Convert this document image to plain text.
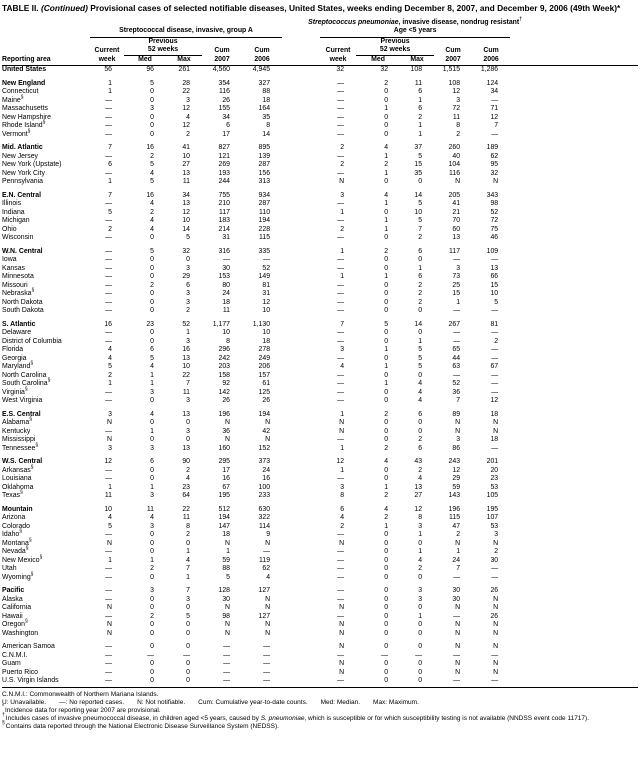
TABLE II. (Continued) Provisional cases of selected notifiable diseases, United States, weeks ending December 8, 2007, and December 9, 2006 (49th Week)*

	Streptococcal disease, invasive, group A						Streptococcus pneumoniae, invasive disease, nondrug resistant†
Age <5 years					

	Current	
Previous
52 weeks	Cum	Cum		Current	
Previous
52 weeks	Cum	Cum	
Reporting area	week	Med	Max	2007	2006		week	Med	Max	2007	2006	
United States	56	96	261	4,560	4,945		32	32	108	1,515	1,286	
New England	1	5	28	354	327		—	2	11	108	124	
Connecticut	1	0	22	116	88		—	0	6	12	34	
Maine§	—	0	3	26	18		—	0	1	3	—	
Massachusetts	—	3	12	155	164		—	1	6	72	71	
New Hampshire	—	0	4	34	35		—	0	2	11	12	
Rhode Island§	—	0	12	6	8		—	0	1	8	7	
Vermont§	—	0	2	17	14		—	0	1	2	—	
Mid. Atlantic	7	16	41	827	895		2	4	37	260	189	
New Jersey	—	2	10	121	139		—	1	5	40	62	
New York (Upstate)	6	5	27	269	287		2	2	15	104	95	
New York City	—	4	13	193	156		—	1	35	116	32	
Pennsylvania	1	5	11	244	313		N	0	0	N	N	
E.N. Central	7	16	34	755	934		3	4	14	205	343	
Illinois	—	4	13	210	287		—	1	5	41	98	
Indiana	5	2	12	117	110		1	0	10	21	52	
Michigan	—	4	10	183	194		—	1	5	70	72	
Ohio	2	4	14	214	228		2	1	7	60	75	
Wisconsin	—	0	5	31	115		—	0	2	13	46	
W.N. Central	—	5	32	316	335		1	2	6	117	109	
Iowa	—	0	0	—	—		—	0	0	—	—	
Kansas	—	0	3	30	52		—	0	1	3	13	
Minnesota	—	0	29	153	149		1	1	6	73	66	
Missouri	—	2	6	80	81		—	0	2	25	15	
Nebraska§	—	0	3	24	31		—	0	2	15	10	
North Dakota	—	0	3	18	12		—	0	2	1	5	
South Dakota	—	0	2	11	10		—	0	0	—	—	
S. Atlantic	16	23	52	1,177	1,130		7	5	14	267	81	
Delaware	—	0	1	10	10		—	0	0	—	—	
District of Columbia	—	0	3	8	18		—	0	1	—	2	
Florida	4	6	16	296	278		3	1	5	65	—	
Georgia	4	5	13	242	249		—	0	5	44	—	
Maryland§	5	4	10	203	206		4	1	5	63	67	
North Carolina	2	1	22	158	157		—	0	0	—	—	
South Carolina§	1	1	7	92	61		—	1	4	52	—	
Virginia§	—	3	11	142	125		—	0	4	36	—	
West Virginia	—	0	3	26	26		—	0	4	7	12	
E.S. Central	3	4	13	196	194		1	2	6	89	18	
Alabama§	N	0	0	N	N		N	0	0	N	N	
Kentucky	—	1	3	36	42		N	0	0	N	N	
Mississippi	N	0	0	N	N		—	0	2	3	18	
Tennessee§	3	3	13	160	152		1	2	6	86	—	
W.S. Central	12	6	90	295	373		12	4	43	243	201	
Arkansas§	—	0	2	17	24		1	0	2	12	20	
Louisiana	—	0	4	16	16		—	0	4	29	23	
Oklahoma	1	1	23	67	100		3	1	13	59	53	
Texas§	11	3	64	195	233		8	2	27	143	105	
Mountain	10	11	22	512	630		6	4	12	196	195	
Arizona	4	4	11	194	322		4	2	8	115	107	
Colorado	5	3	8	147	114		2	1	3	47	53	
Idaho§	—	0	2	18	9		—	0	1	2	3	
Montana§	N	0	0	N	N		N	0	0	N	N	
Nevada§	—	0	1	1	—		—	0	1	1	2	
New Mexico§	1	1	4	59	119		—	0	4	24	30	
Utah	—	2	7	88	62		—	0	2	7	—	
Wyoming§	—	0	1	5	4		—	0	0	—	—	
Pacific	—	3	7	128	127		—	0	3	30	26	
Alaska	—	0	3	30	N		—	0	3	30	N	
California	N	0	0	N	N		N	0	0	N	N	
Hawaii	—	2	5	98	127		—	0	1	—	26	
Oregon§	N	0	0	N	N		N	0	0	N	N	
Washington	N	0	0	N	N		N	0	0	N	N	
American Samoa	—	0	0	—	—		N	0	0	N	N	
C.N.M.I.	—	—	—	—	—		—	—	—	—	—	
Guam	—	0	0	—	—		N	0	0	N	N	
Puerto Rico	—	0	0	—	—		N	0	0	N	N	
U.S. Virgin Islands	—	0	0	—	—		—	0	0	—	—	
C.N.M.I.: Commonwealth of Northern Mariana Islands.
U: Unavailable. —: No reported cases. N: Not notifiable. Cum: Cumulative year-to-date counts. Med: Median. Max: Maximum.
*Incidence data for reporting year 2007 are provisional.
†Includes cases of invasive pneumococcal disease, in children aged <5 years, caused by S. pneumoniae, which is susceptible or for which susceptibility testing is not available (NNDSS event code 11717).
§Contains data reported through the National Electronic Disease Surveillance System (NEDSS).
